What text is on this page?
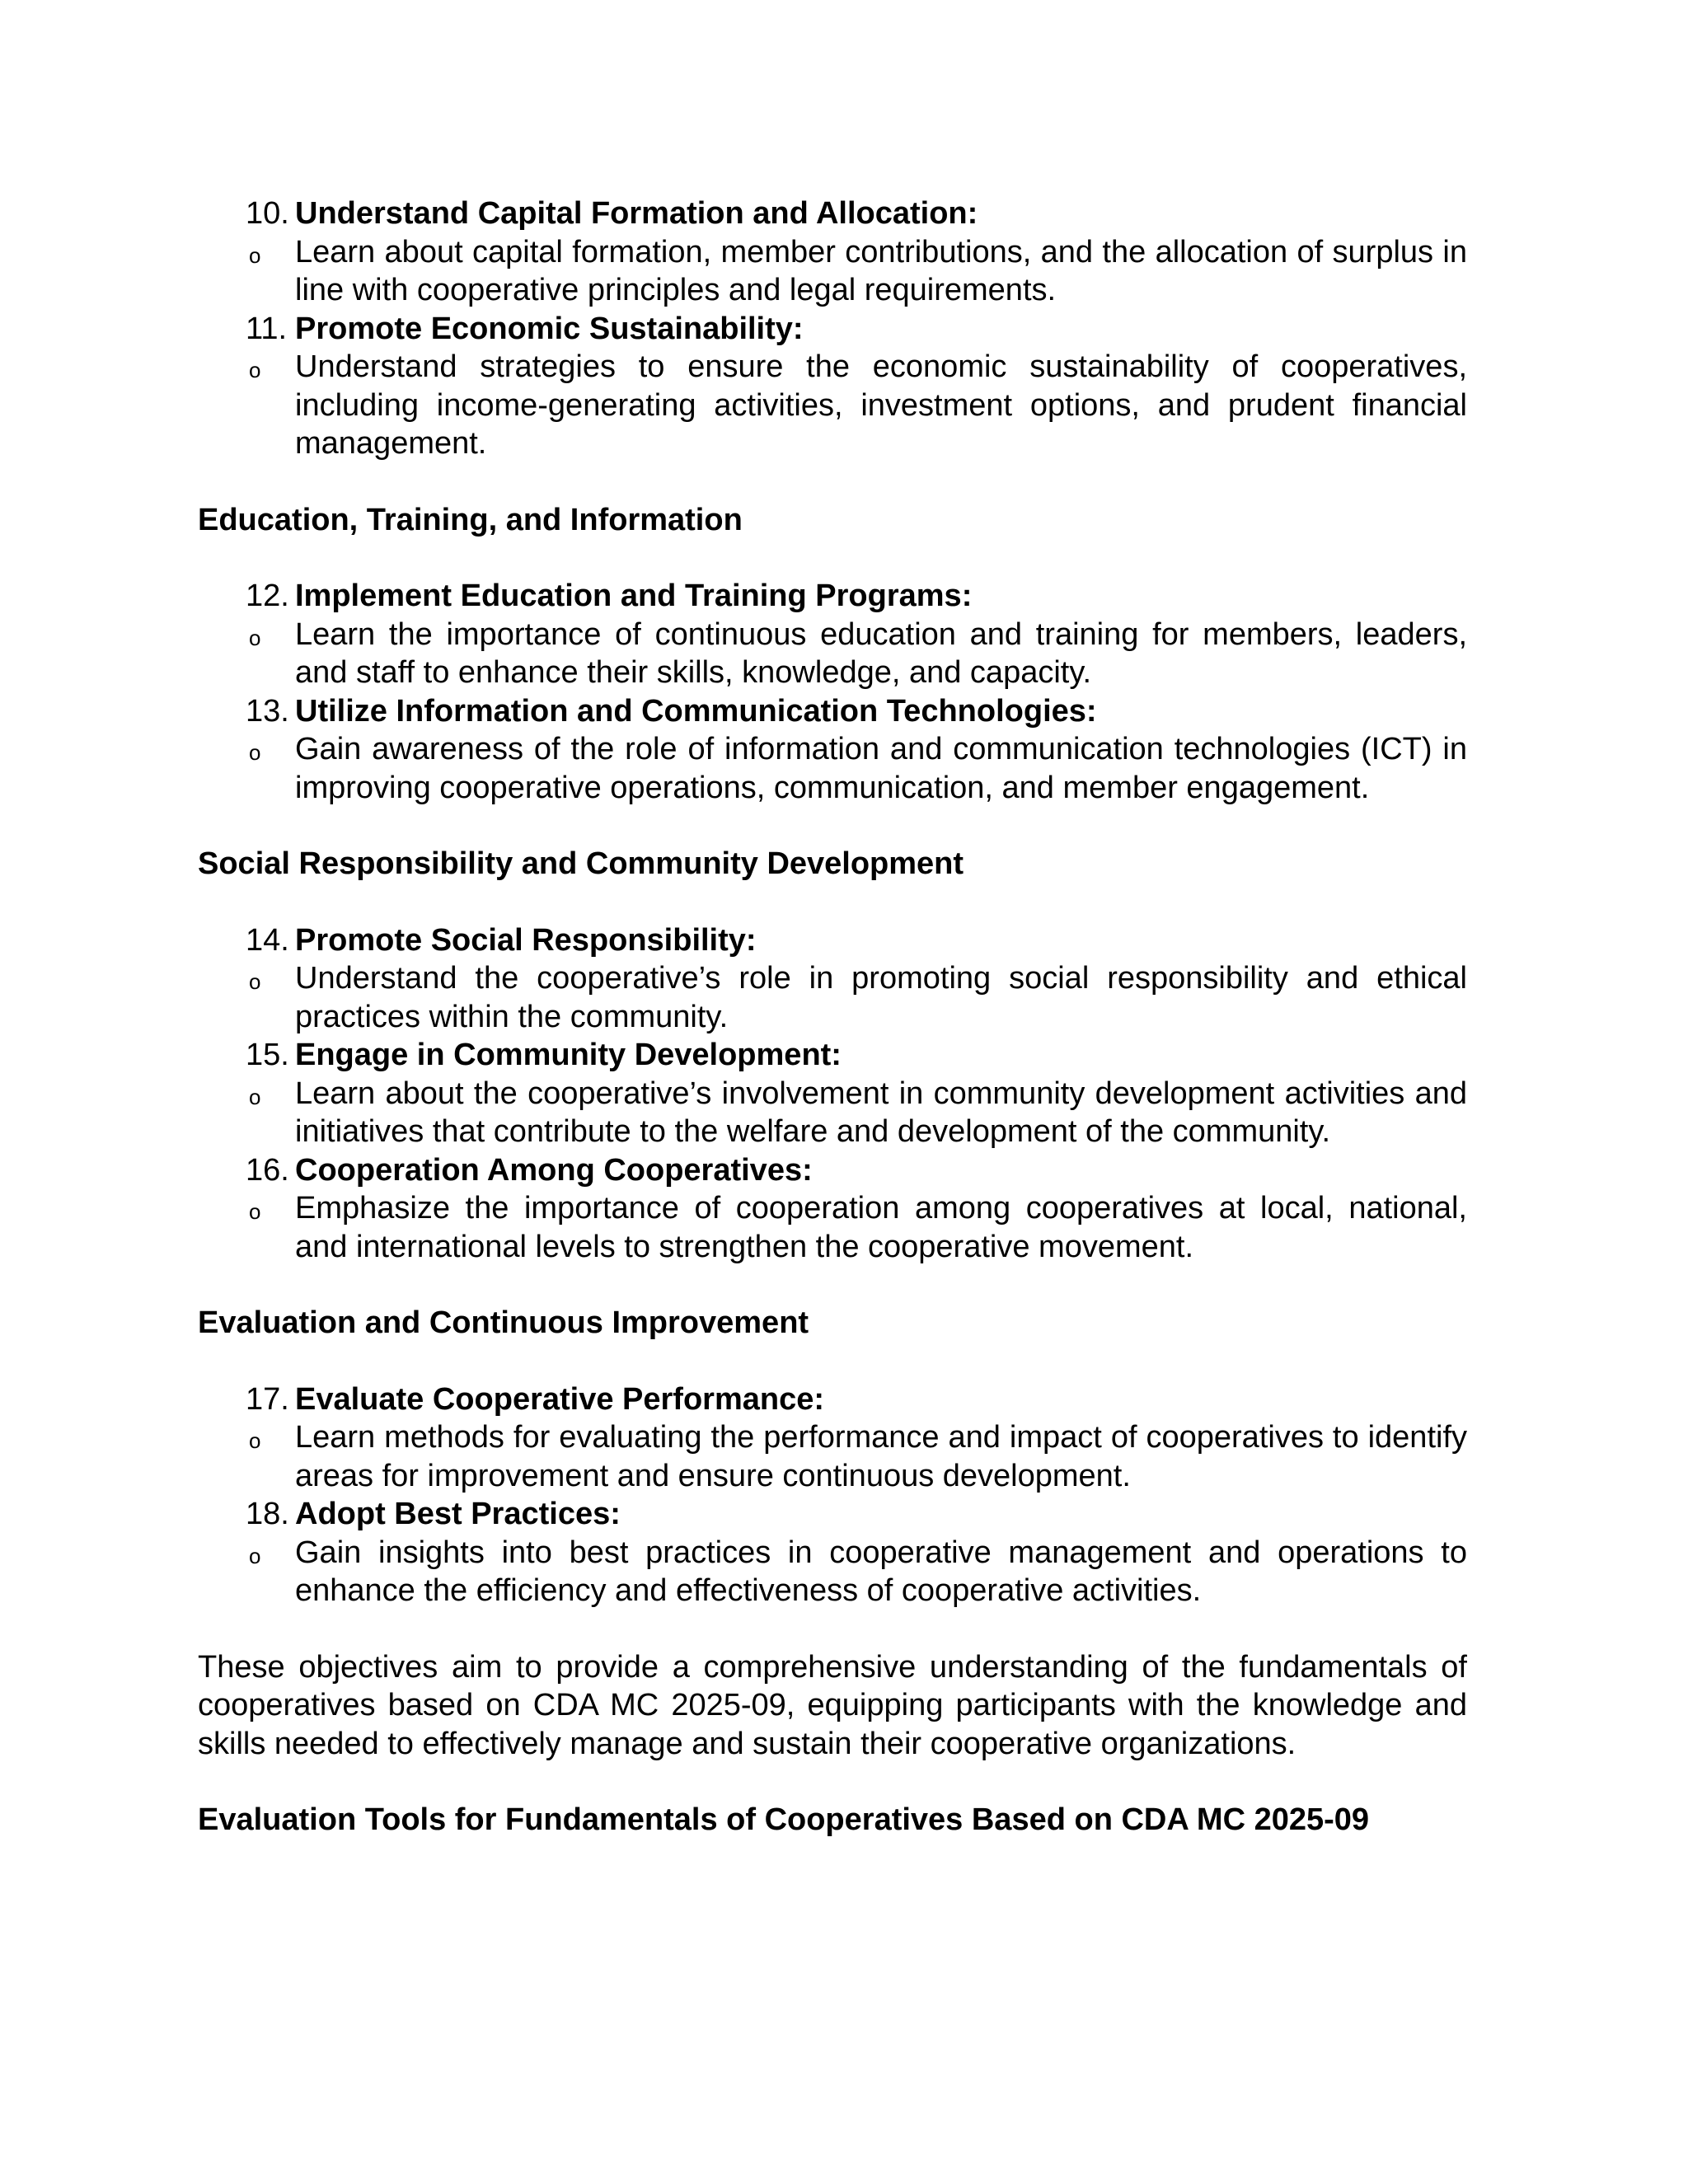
10. Understand Capital Formation and Allocation:
o Learn about capital formation, member contributions, and the allocation of surplus in line with cooperative principles and legal requirements.
11. Promote Economic Sustainability:
o Understand strategies to ensure the economic sustainability of cooperatives, including income-generating activities, investment options, and prudent financial management.
Education, Training, and Information
12. Implement Education and Training Programs:
o Learn the importance of continuous education and training for members, leaders, and staff to enhance their skills, knowledge, and capacity.
13. Utilize Information and Communication Technologies:
o Gain awareness of the role of information and communication technologies (ICT) in improving cooperative operations, communication, and member engagement.
Social Responsibility and Community Development
14. Promote Social Responsibility:
o Understand the cooperative’s role in promoting social responsibility and ethical practices within the community.
15. Engage in Community Development:
o Learn about the cooperative’s involvement in community development activities and initiatives that contribute to the welfare and development of the community.
16. Cooperation Among Cooperatives:
o Emphasize the importance of cooperation among cooperatives at local, national, and international levels to strengthen the cooperative movement.
Evaluation and Continuous Improvement
17. Evaluate Cooperative Performance:
o Learn methods for evaluating the performance and impact of cooperatives to identify areas for improvement and ensure continuous development.
18. Adopt Best Practices:
o Gain insights into best practices in cooperative management and operations to enhance the efficiency and effectiveness of cooperative activities.

These objectives aim to provide a comprehensive understanding of the fundamentals of cooperatives based on CDA MC 2025-09, equipping participants with the knowledge and skills needed to effectively manage and sustain their cooperative organizations.

Evaluation Tools for Fundamentals of Cooperatives Based on CDA MC 2025-09
